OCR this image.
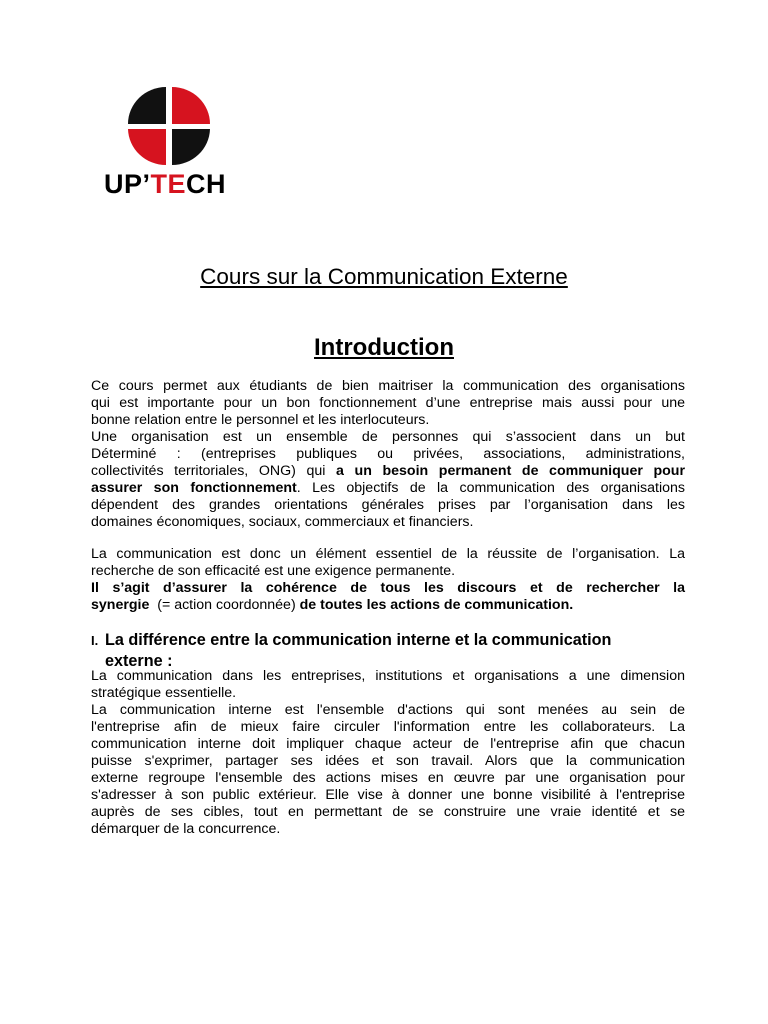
UP’TECH
Cours sur la Communication Externe
Introduction

Ce cours permet aux étudiants de bien maitriser la communication des organisations

qui est importante pour un bon fonctionnement d’une entreprise mais aussi pour une

bonne relation entre le personnel et les interlocuteurs.

Une organisation est un ensemble de personnes qui s’associent dans un but

Déterminé : (entreprises publiques ou privées, associations, administrations,

collectivités territoriales, ONG) qui a un besoin permanent de communiquer pour

assurer son fonctionnement. Les objectifs de la communication des organisations

dépendent des grandes orientations générales prises par l’organisation dans les

domaines économiques, sociaux, commerciaux et financiers.

La communication est donc un élément essentiel de la réussite de l’organisation. La

recherche de son efficacité est une exigence permanente.

Il s’agit d’assurer la cohérence de tous les discours et de rechercher la

synergie (= action coordonnée) de toutes les actions de communication.

I. La différence entre la communication interne et la communication
externe :

La communication dans les entreprises, institutions et organisations a une dimension

stratégique essentielle.

La communication interne est l'ensemble d'actions qui sont menées au sein de

l'entreprise afin de mieux faire circuler l'information entre les collaborateurs. La

communication interne doit impliquer chaque acteur de l'entreprise afin que chacun

puisse s'exprimer, partager ses idées et son travail. Alors que la communication

externe regroupe l'ensemble des actions mises en œuvre par une organisation pour

s'adresser à son public extérieur. Elle vise à donner une bonne visibilité à l'entreprise

auprès de ses cibles, tout en permettant de se construire une vraie identité et se

démarquer de la concurrence.
